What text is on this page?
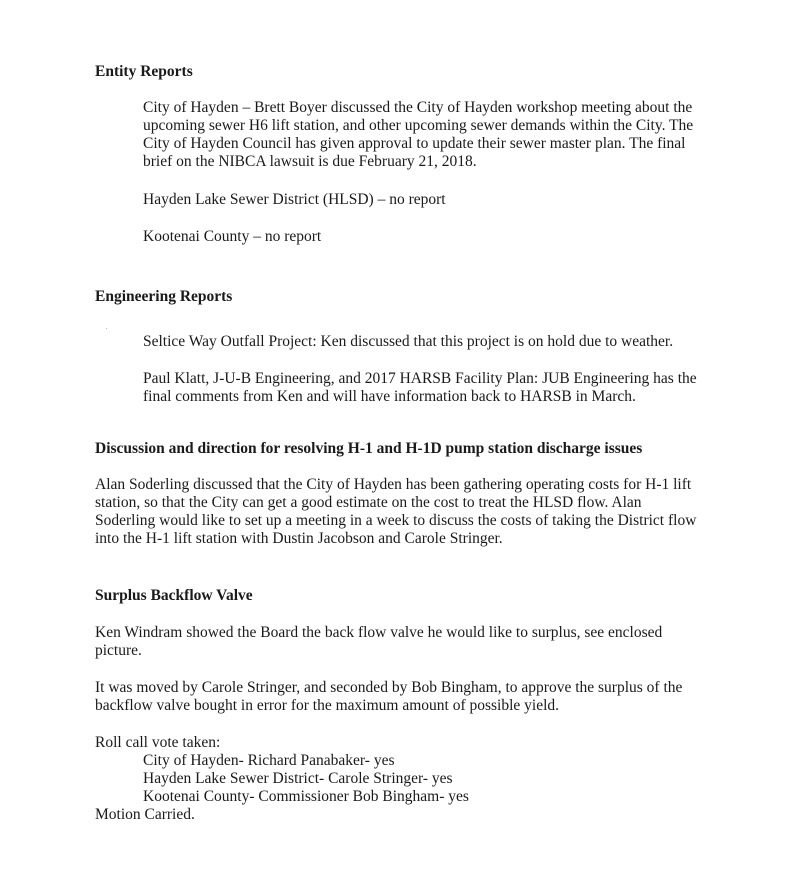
Entity Reports
City of Hayden – Brett Boyer discussed the City of Hayden workshop meeting about the
upcoming sewer H6 lift station, and other upcoming sewer demands within the City. The
City of Hayden Council has given approval to update their sewer master plan. The final
brief on the NIBCA lawsuit is due February 21, 2018.
Hayden Lake Sewer District (HLSD) – no report
Kootenai County – no report
Engineering Reports
Seltice Way Outfall Project: Ken discussed that this project is on hold due to weather.
Paul Klatt, J-U-B Engineering, and 2017 HARSB Facility Plan: JUB Engineering has the
final comments from Ken and will have information back to HARSB in March.
Discussion and direction for resolving H-1 and H-1D pump station discharge issues
Alan Soderling discussed that the City of Hayden has been gathering operating costs for H-1 lift
station, so that the City can get a good estimate on the cost to treat the HLSD flow. Alan
Soderling would like to set up a meeting in a week to discuss the costs of taking the District flow
into the H-1 lift station with Dustin Jacobson and Carole Stringer.
Surplus Backflow Valve
Ken Windram showed the Board the back flow valve he would like to surplus, see enclosed
picture.
It was moved by Carole Stringer, and seconded by Bob Bingham, to approve the surplus of the
backflow valve bought in error for the maximum amount of possible yield.
Roll call vote taken:
City of Hayden- Richard Panabaker- yes
Hayden Lake Sewer District- Carole Stringer- yes
Kootenai County- Commissioner Bob Bingham- yes
Motion Carried.
